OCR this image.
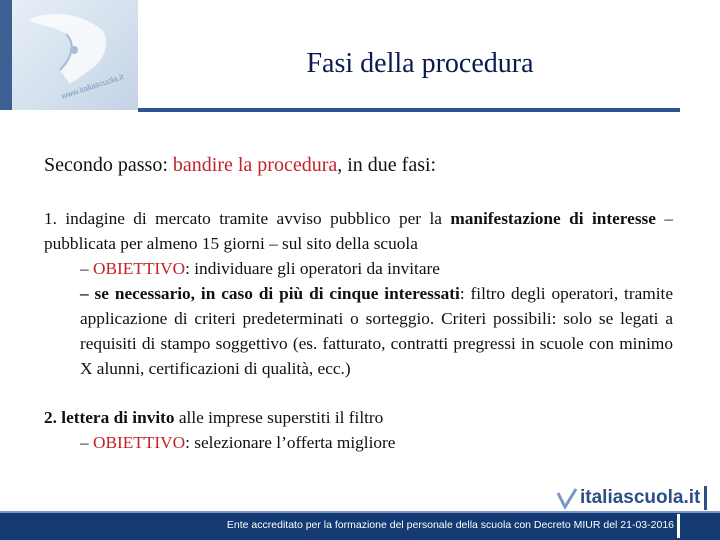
www.italiascuola.it
Fasi della procedura

Secondo passo: bandire la procedura, in due fasi:

1. indagine di mercato tramite avviso pubblico per la manifestazione di interesse – pubblicata per almeno 15 giorni – sul sito della scuola

– OBIETTIVO: individuare gli operatori da invitare

– se necessario, in caso di più di cinque interessati: filtro degli operatori, tramite applicazione di criteri predeterminati o sorteggio. Criteri possibili: solo se legati a requisiti di stampo soggettivo (es. fatturato, contratti pregressi in scuole con minimo X alunni, certificazioni di qualità, ecc.)

2. lettera di invito alle imprese superstiti il filtro

– OBIETTIVO: selezionare l’offerta migliore

italiascuola .it
Ente accreditato per la formazione del personale della scuola con Decreto MIUR del 21-03-2016
